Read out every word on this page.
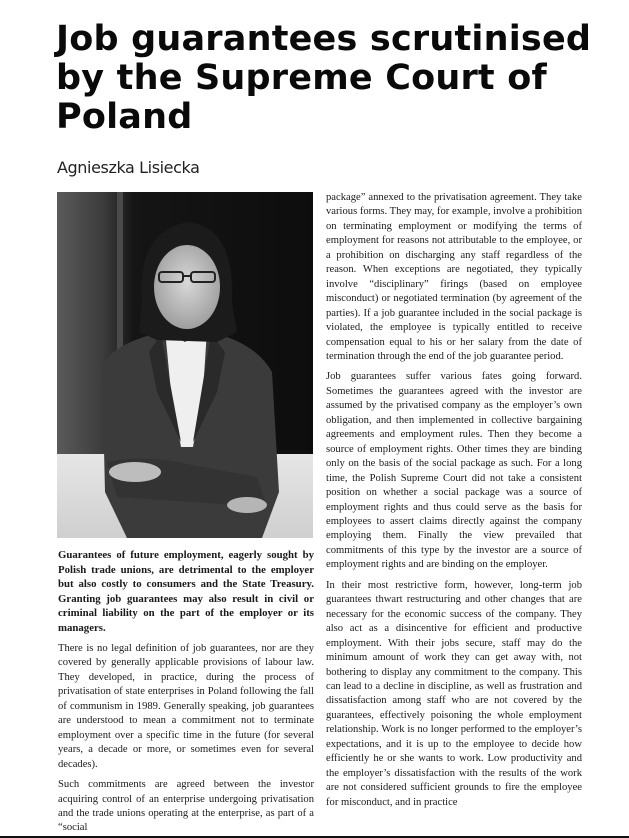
Job guarantees scrutinised by the Supreme Court of Poland
Agnieszka Lisiecka

Guarantees of future employment, eagerly sought by Polish trade unions, are detrimental to the employer but also costly to consumers and the State Treasury. Granting job guarantees may also result in civil or criminal liability on the part of the employer or its managers.

There is no legal definition of job guarantees, nor are they covered by generally applicable provisions of labour law. They developed, in practice, during the process of privatisation of state enterprises in Poland following the fall of communism in 1989. Generally speaking, job guarantees are understood to mean a commitment not to terminate employment over a specific time in the future (for several years, a decade or more, or sometimes even for several decades).

Such commitments are agreed between the investor acquiring control of an enterprise undergoing privatisation and the trade unions operating at the enterprise, as part of a “social

package” annexed to the privatisation agreement. They take various forms. They may, for example, involve a prohibition on terminating employment or modifying the terms of employment for reasons not attributable to the employee, or a prohibition on discharging any staff regardless of the reason. When exceptions are negotiated, they typically involve “disciplinary” firings (based on employee misconduct) or negotiated termination (by agreement of the parties). If a job guarantee included in the social package is violated, the employee is typically entitled to receive compensation equal to his or her salary from the date of termination through the end of the job guarantee period.

Job guarantees suffer various fates going forward. Sometimes the guarantees agreed with the investor are assumed by the privatised company as the employer’s own obligation, and then implemented in collective bargaining agreements and employment rules. Then they become a source of employment rights. Other times they are binding only on the basis of the social package as such. For a long time, the Polish Supreme Court did not take a consistent position on whether a social package was a source of employment rights and thus could serve as the basis for employees to assert claims directly against the company employing them. Finally the view prevailed that commitments of this type by the investor are a source of employment rights and are binding on the employer.

In their most restrictive form, however, long-term job guarantees thwart restructuring and other changes that are necessary for the economic success of the company. They also act as a disincentive for efficient and productive employment. With their jobs secure, staff may do the minimum amount of work they can get away with, not bothering to display any commitment to the company. This can lead to a decline in discipline, as well as frustration and dissatisfaction among staff who are not covered by the guarantees, effectively poisoning the whole employment relationship. Work is no longer performed to the employer’s expectations, and it is up to the employee to decide how efficiently he or she wants to work. Low productivity and the employer’s dissatisfaction with the results of the work are not considered sufficient grounds to fire the employee for misconduct, and in practice
